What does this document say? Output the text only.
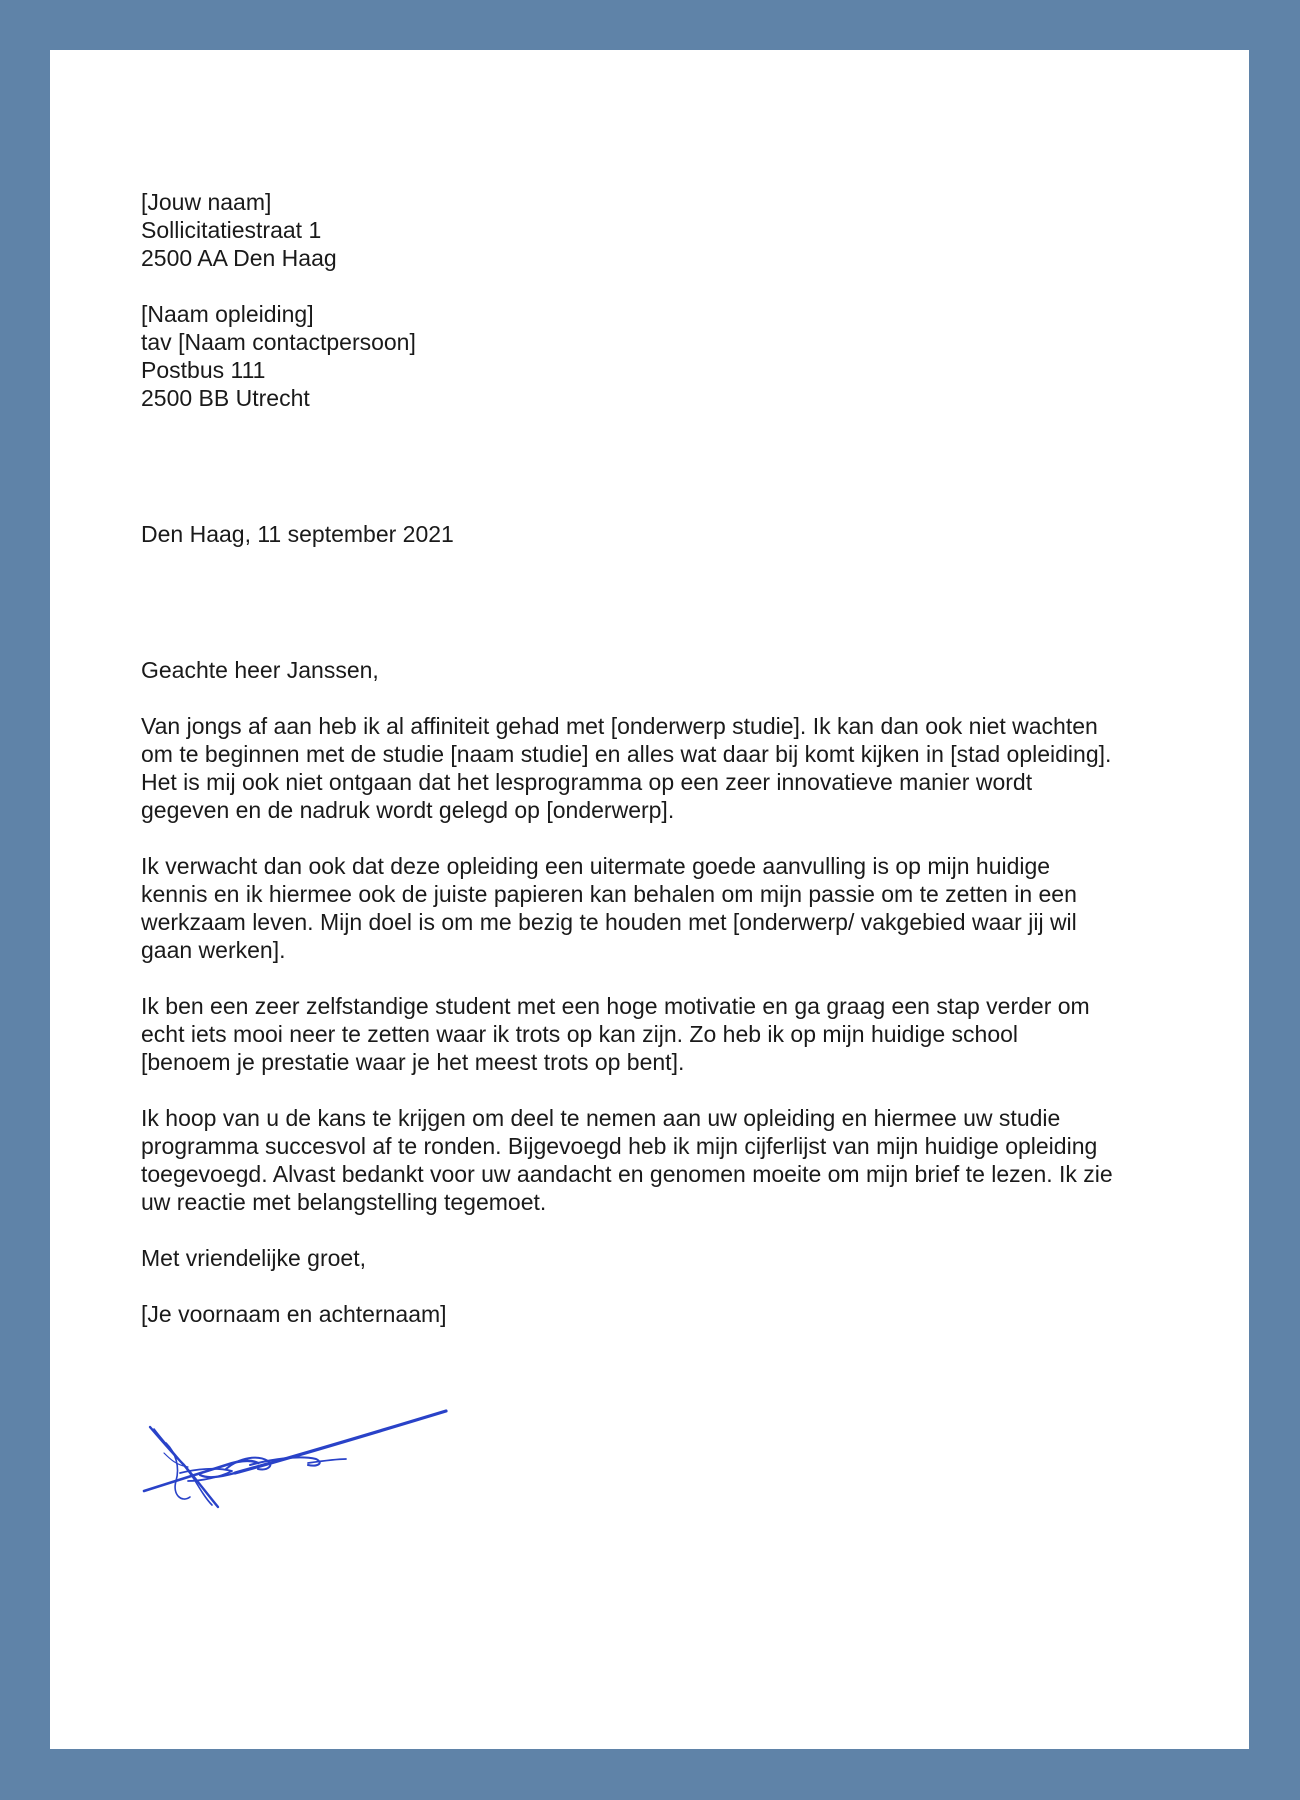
[Jouw naam]
Sollicitatiestraat 1
2500 AA Den Haag
[Naam opleiding]
tav [Naam contactpersoon]
Postbus 111
2500 BB Utrecht
Den Haag, 11 september 2021
Geachte heer Janssen,
Van jongs af aan heb ik al affiniteit gehad met [onderwerp studie]. Ik kan dan ook niet wachten
om te beginnen met de studie [naam studie] en alles wat daar bij komt kijken in [stad opleiding].
Het is mij ook niet ontgaan dat het lesprogramma op een zeer innovatieve manier wordt
gegeven en de nadruk wordt gelegd op [onderwerp].
Ik verwacht dan ook dat deze opleiding een uitermate goede aanvulling is op mijn huidige
kennis en ik hiermee ook de juiste papieren kan behalen om mijn passie om te zetten in een
werkzaam leven. Mijn doel is om me bezig te houden met [onderwerp/ vakgebied waar jij wil
gaan werken].
Ik ben een zeer zelfstandige student met een hoge motivatie en ga graag een stap verder om
echt iets mooi neer te zetten waar ik trots op kan zijn. Zo heb ik op mijn huidige school
[benoem je prestatie waar je het meest trots op bent].
Ik hoop van u de kans te krijgen om deel te nemen aan uw opleiding en hiermee uw studie
programma succesvol af te ronden. Bijgevoegd heb ik mijn cijferlijst van mijn huidige opleiding
toegevoegd. Alvast bedankt voor uw aandacht en genomen moeite om mijn brief te lezen. Ik zie
uw reactie met belangstelling tegemoet.
Met vriendelijke groet,
[Je voornaam en achternaam]
